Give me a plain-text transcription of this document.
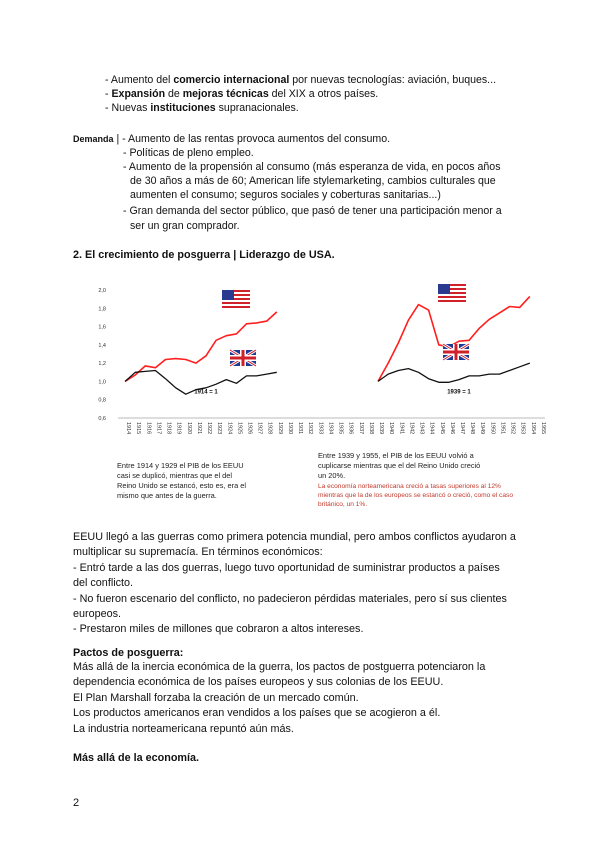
- Aumento del comercio internacional por nuevas tecnologías: aviación, buques...
- Expansión de mejoras técnicas del XIX a otros países.
- Nuevas instituciones supranacionales.
Demanda | - Aumento de las rentas provoca aumentos del consumo.
- Políticas de pleno empleo.
- Aumento de la propensión al consumo (más esperanza de vida, en pocos años
de 30 años a más de 60; American life stylemarketing, cambios culturales que
aumenten el consumo; seguros sociales y coberturas sanitarias...)
- Gran demanda del sector público, que pasó de tener una participación menor a
ser un gran comprador.
2. El crecimiento de posguerra | Liderazgo de USA.
2,0
1,8
1,6
1,4
1,2
1,0
0,8
0,6
1914 1915 1916 1917 1918 1919 1920 1921 1922 1923 1924 1925 1926 1927 1928 1929 1930 1931 1932 1933 1934 1935 1936 1937 1938 1939 1940 1941 1942 1943 1944 1945 1946 1947 1948 1949 1950 1951 1952 1953 1954 1955
1914 = 1	1939 = 1
Entre 1914 y 1929 el PIB de los EEUU
casi se duplicó, mientras que el del
Reino Unido se estancó, esto es, era el
mismo que antes de la guerra.
Entre 1939 y 1955, el PIB de los EEUU volvió a
cuplicarse mientras que el del Reino Unido creció
un 20%.
La economía norteamericana creció a tasas superiores al 12% mientras que la de los europeos se estancó o creció, como el caso británico, un 1%.
EEUU llegó a las guerras como primera potencia mundial, pero ambos conflictos ayudaron a
multiplicar su supremacía. En términos económicos:
- Entró tarde a las dos guerras, luego tuvo oportunidad de suministrar productos a países
del conflicto.
- No fueron escenario del conflicto, no padecieron pérdidas materiales, pero sí sus clientes
europeos.
- Prestaron miles de millones que cobraron a altos intereses.
Pactos de posguerra:
Más allá de la inercia económica de la guerra, los pactos de postguerra potenciaron la
dependencia económica de los países europeos y sus colonias de los EEUU.
El Plan Marshall forzaba la creación de un mercado común.
Los productos americanos eran vendidos a los países que se acogieron a él.
La industria norteamericana repuntó aún más.
Más allá de la economía.
2
